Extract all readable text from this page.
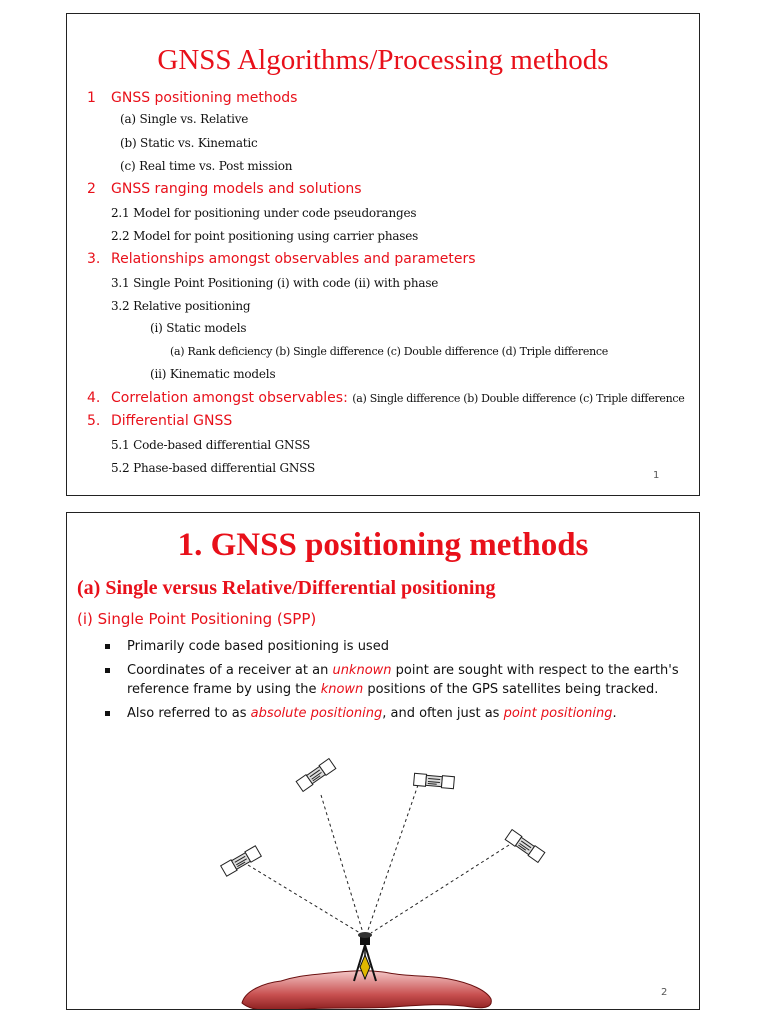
GNSS Algorithms/Processing methods
1 GNSS positioning methods
(a) Single vs. Relative
(b) Static vs. Kinematic
(c) Real time vs. Post mission
2 GNSS ranging models and solutions
2.1 Model for positioning under code pseudoranges
2.2 Model for point positioning using carrier phases
3. Relationships amongst observables and parameters
3.1 Single Point Positioning (i) with code (ii) with phase
3.2 Relative positioning
(i) Static models
(a) Rank deficiency (b) Single difference (c) Double difference (d) Triple difference
(ii) Kinematic models
4. Correlation amongst observables: (a) Single difference (b) Double difference (c) Triple difference
5. Differential GNSS
5.1 Code-based differential GNSS
5.2 Phase-based differential GNSS
1
1. GNSS positioning methods
(a) Single versus Relative/Differential positioning
(i) Single Point Positioning (SPP)
Primarily code based positioning is used
Coordinates of a receiver at an unknown point are sought with respect to the earth's reference frame by using the known positions of the GPS satellites being tracked.
Also referred to as absolute positioning, and often just as point positioning.
2
